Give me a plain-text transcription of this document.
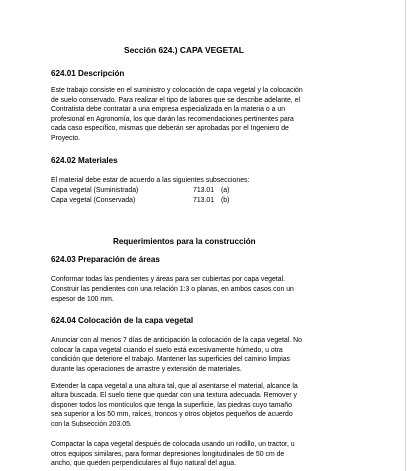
Sección 624.) CAPA VEGETAL
624.01 Descripción
Este trabajo consiste en el suministro y colocación de capa vegetal y la colocación
de suelo conservado. Para realizar el tipo de labores que se describe adelante, el
Contratista debe contratar a una empresa especializada en la materia o a un
profesional en Agronomía, los que darán las recomendaciones pertinentes para
cada caso específico, mismas que deberán ser aprobadas por el Ingeniero de
Proyecto.
624.02 Materiales
El material debe estar de acuerdo a las siguientes subsecciones:
Capa vegetal (Suministrada)	713.01 (a)
Capa vegetal (Conservada)	713.01 (b)
Requerimientos para la construcción
624.03 Preparación de áreas
Conformar todas las pendientes y áreas para ser cubiertas por capa vegetal.
Construir las pendientes con una relación 1:3 o planas, en ambos casos con un
espesor de 100 mm.
624.04 Colocación de la capa vegetal
Anunciar con al menos 7 días de anticipación la colocación de la capa vegetal. No
colocar la capa vegetal cuando el suelo está excesivamente húmedo, u otra
condición que deteriore el trabajo. Mantener las superficies del camino limpias
durante las operaciones de arrastre y extensión de materiales.
Extender la capa vegetal a una altura tal, que al asentarse el material, alcance la
altura buscada. El suelo tiene que quedar con una textura adecuada. Remover y
disponer todos los montículos que tenga la superficie, las piedras cuyo tamaño
sea superior a los 50 mm, raíces, troncos y otros objetos pequeños de acuerdo
con la Subsección 203.05.
Compactar la capa vegetal después de colocada usando un rodillo, un tractor, u
otros equipos similares, para formar depresiones longitudinales de 50 cm de
ancho, que queden perpendiculares al flujo natural del agua.
